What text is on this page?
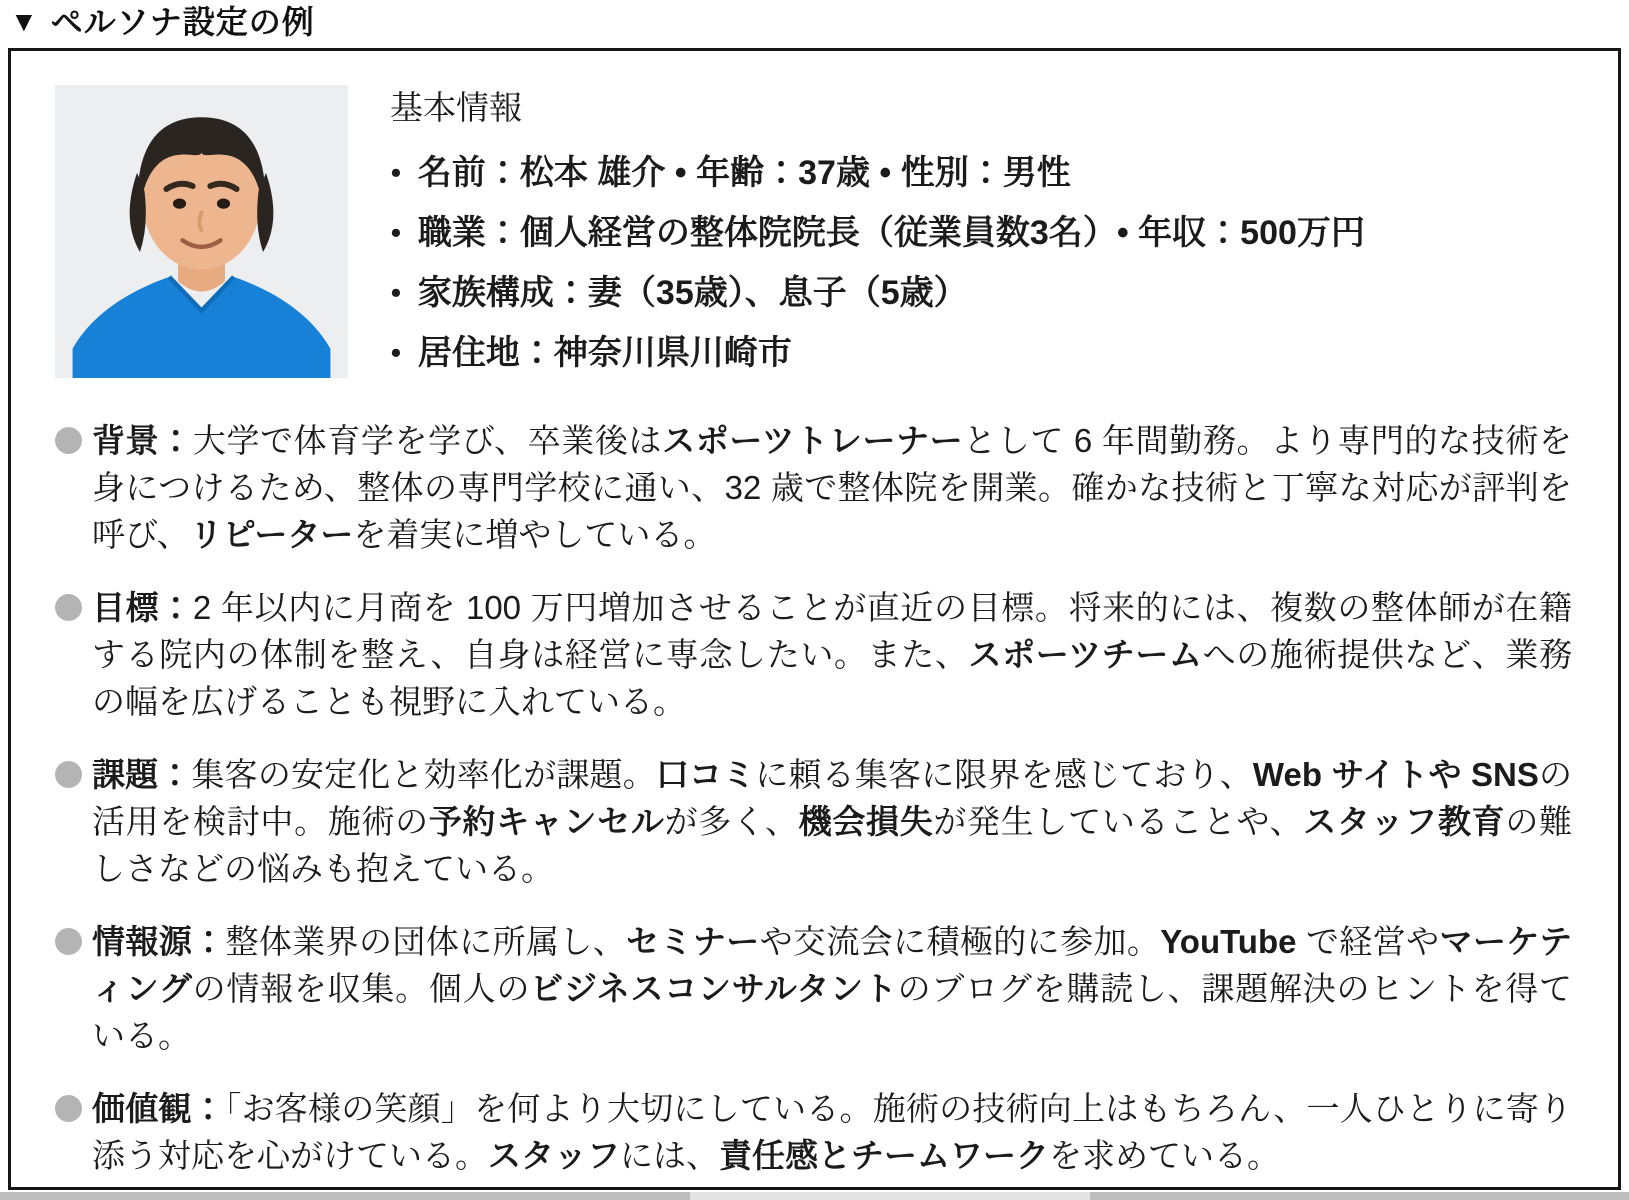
▼ ペルソナ設定の例
基本情報
• 名前：松本 雄介 • 年齢：37歳 • 性別：男性
• 職業：個人経営の整体院院長（従業員数3名）• 年収：500万円
• 家族構成：妻（35歳）、息子（5歳）
• 居住地：神奈川県川崎市
背景：大学で体育学を学び、卒業後はスポーツトレーナーとして 6 年間勤務。より専門的な技術を身につけるため、整体の専門学校に通い、32 歳で整体院を開業。確かな技術と丁寧な対応が評判を呼び、リピーターを着実に増やしている。
目標：2 年以内に月商を 100 万円増加させることが直近の目標。将来的には、複数の整体師が在籍する院内の体制を整え、自身は経営に専念したい。また、スポーツチームへの施術提供など、業務の幅を広げることも視野に入れている。
課題：集客の安定化と効率化が課題。口コミに頼る集客に限界を感じており、Web サイトや SNSの活用を検討中。施術の予約キャンセルが多く、機会損失が発生していることや、スタッフ教育の難しさなどの悩みも抱えている。
情報源：整体業界の団体に所属し、セミナーや交流会に積極的に参加。YouTube で経営やマーケティングの情報を収集。個人のビジネスコンサルタントのブログを購読し、課題解決のヒントを得ている。
価値観：「お客様の笑顔」を何より大切にしている。施術の技術向上はもちろん、一人ひとりに寄り添う対応を心がけている。スタッフには、責任感とチームワークを求めている。
